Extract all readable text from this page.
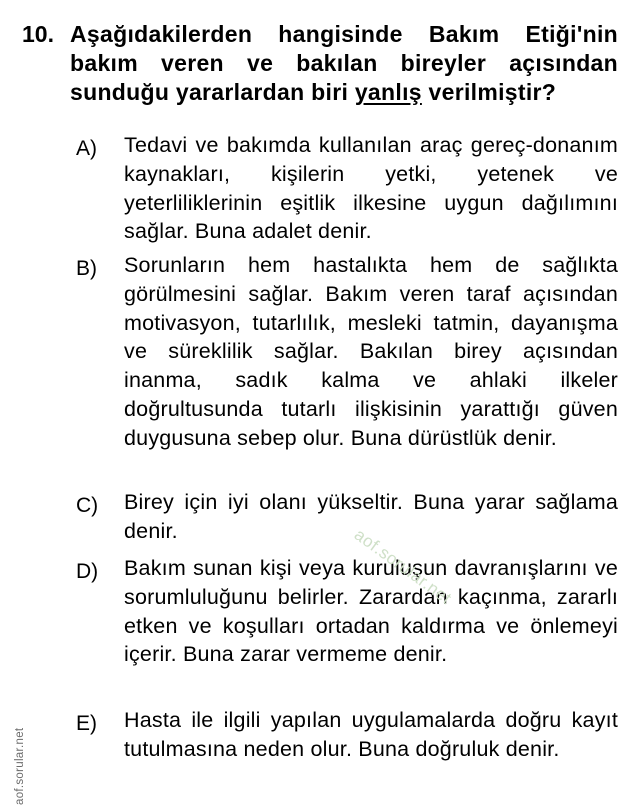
10. Aşağıdakilerden hangisinde Bakım Etiği'nin bakım veren ve bakılan bireyler açısından sunduğu yararlardan biri yanlış verilmiştir?
A) Tedavi ve bakımda kullanılan araç gereç-donanım kaynakları, kişilerin yetki, yetenek ve yeterliliklerinin eşitlik ilkesine uygun dağılımını sağlar. Buna adalet denir.
B) Sorunların hem hastalıkta hem de sağlıkta görülmesini sağlar. Bakım veren taraf açısından motivasyon, tutarlılık, mesleki tatmin, dayanışma ve süreklilik sağlar. Bakılan birey açısından inanma, sadık kalma ve ahlaki ilkeler doğrultusunda tutarlı ilişkisinin yarattığı güven duygusuna sebep olur. Buna dürüstlük denir.
C) Birey için iyi olanı yükseltir. Buna yarar sağlama denir.
D) Bakım sunan kişi veya kuruluşun davranışlarını ve sorumluluğunu belirler. Zarardan kaçınma, zararlı etken ve koşulları ortadan kaldırma ve önlemeyi içerir. Buna zarar vermeme denir.
E) Hasta ile ilgili yapılan uygulamalarda doğru kayıt tutulmasına neden olur. Buna doğruluk denir.
aof.sorular.net
aof.sorular.net
